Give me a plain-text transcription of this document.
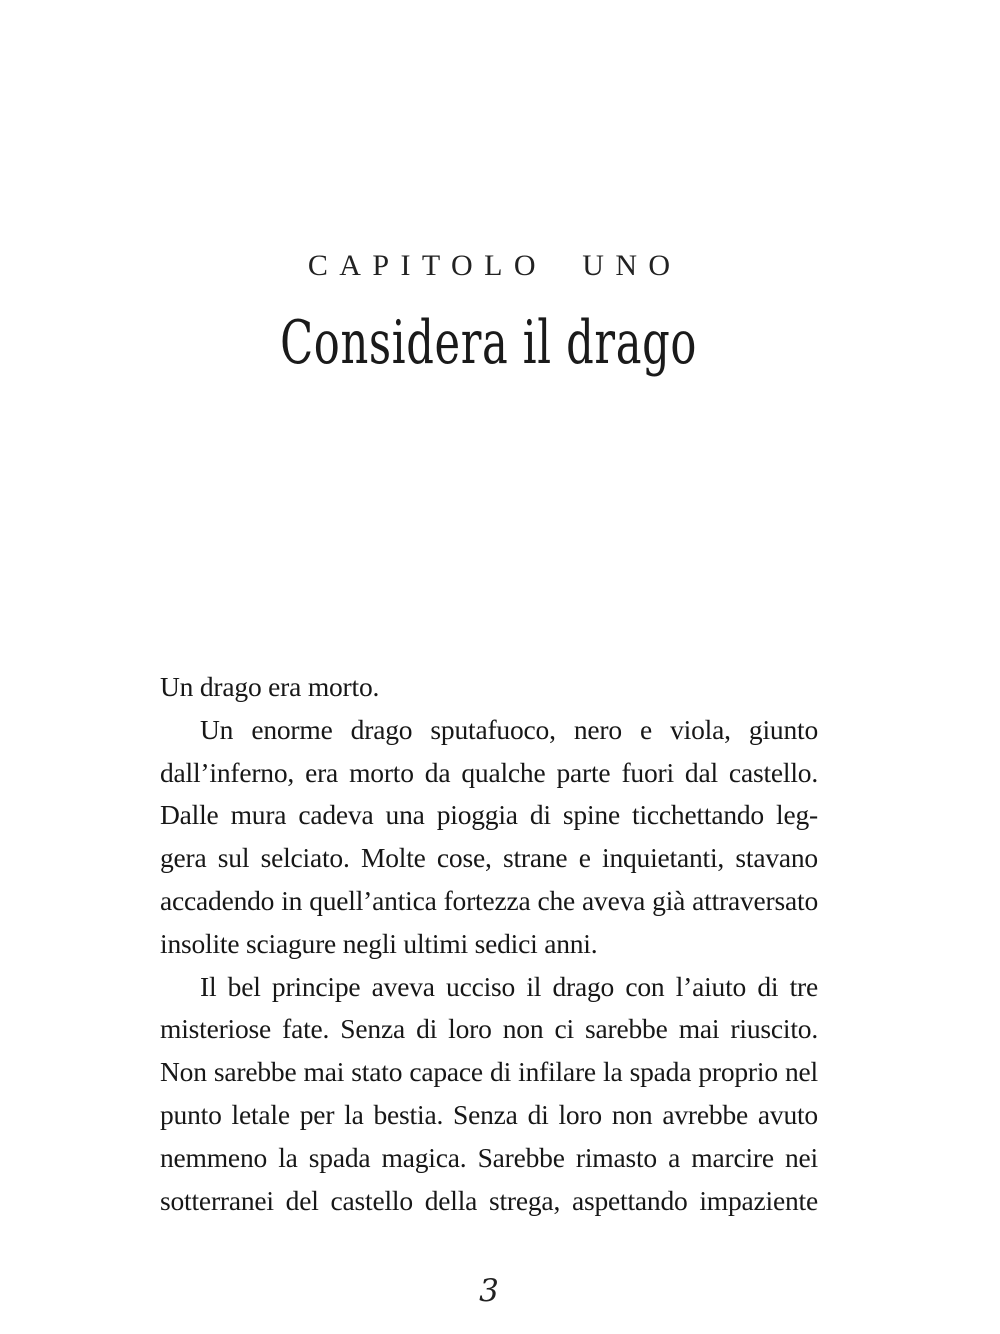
CAPITOLO UNO
Considera il drago
Un drago era morto.
Un enorme drago sputafuoco, nero e viola, giunto
dall’inferno, era morto da qualche parte fuori dal castello.
Dalle mura cadeva una pioggia di spine ticchettando leg-
gera sul selciato. Molte cose, strane e inquietanti, stavano
accadendo in quell’antica fortezza che aveva già attraversato
insolite sciagure negli ultimi sedici anni.
Il bel principe aveva ucciso il drago con l’aiuto di tre
misteriose fate. Senza di loro non ci sarebbe mai riuscito.
Non sarebbe mai stato capace di infilare la spada proprio nel
punto letale per la bestia. Senza di loro non avrebbe avuto
nemmeno la spada magica. Sarebbe rimasto a marcire nei
sotterranei del castello della strega, aspettando impaziente
3
